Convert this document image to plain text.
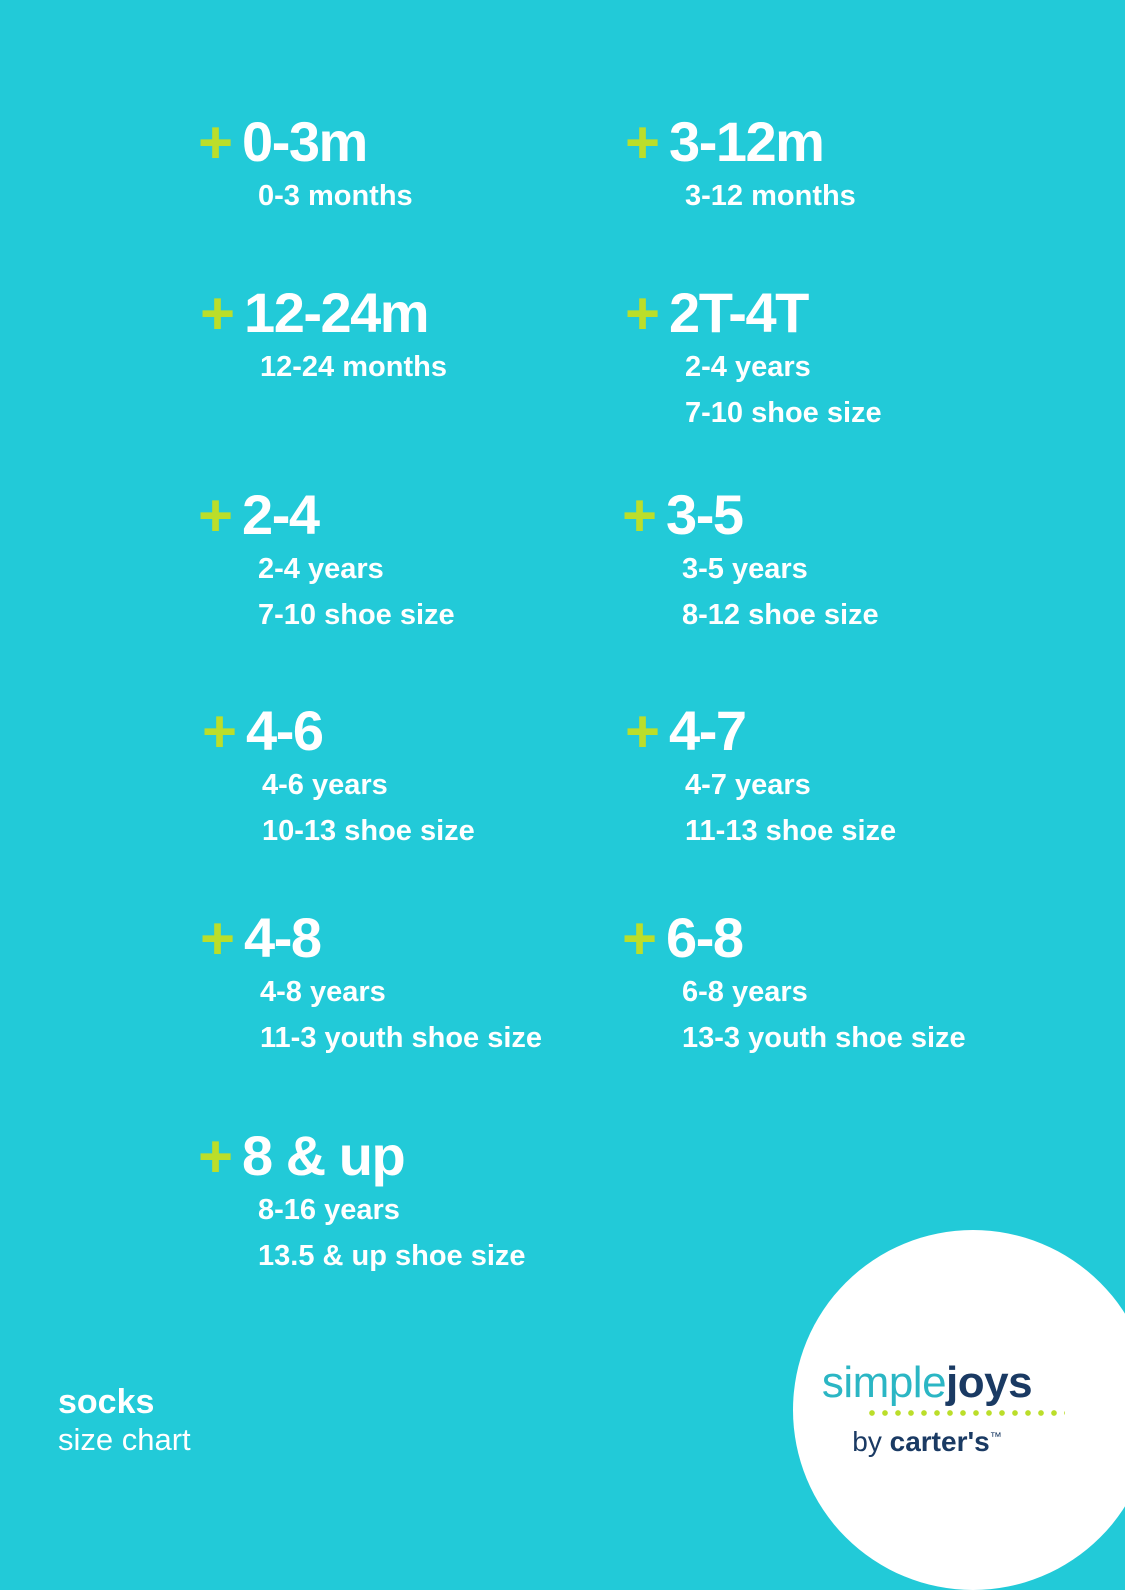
+ 0-3m
0-3 months
+ 3-12m
3-12 months
+ 12-24m
12-24 months
+ 2T-4T
2-4 years
7-10 shoe size
+ 2-4
2-4 years
7-10 shoe size
+ 3-5
3-5 years
8-12 shoe size
+ 4-6
4-6 years
10-13 shoe size
+ 4-7
4-7 years
11-13 shoe size
+ 4-8
4-8 years
11-3 youth shoe size
+ 6-8
6-8 years
13-3 youth shoe size
+ 8 & up
8-16 years
13.5 & up shoe size
socks
size chart
simplejoys
by carter's™
